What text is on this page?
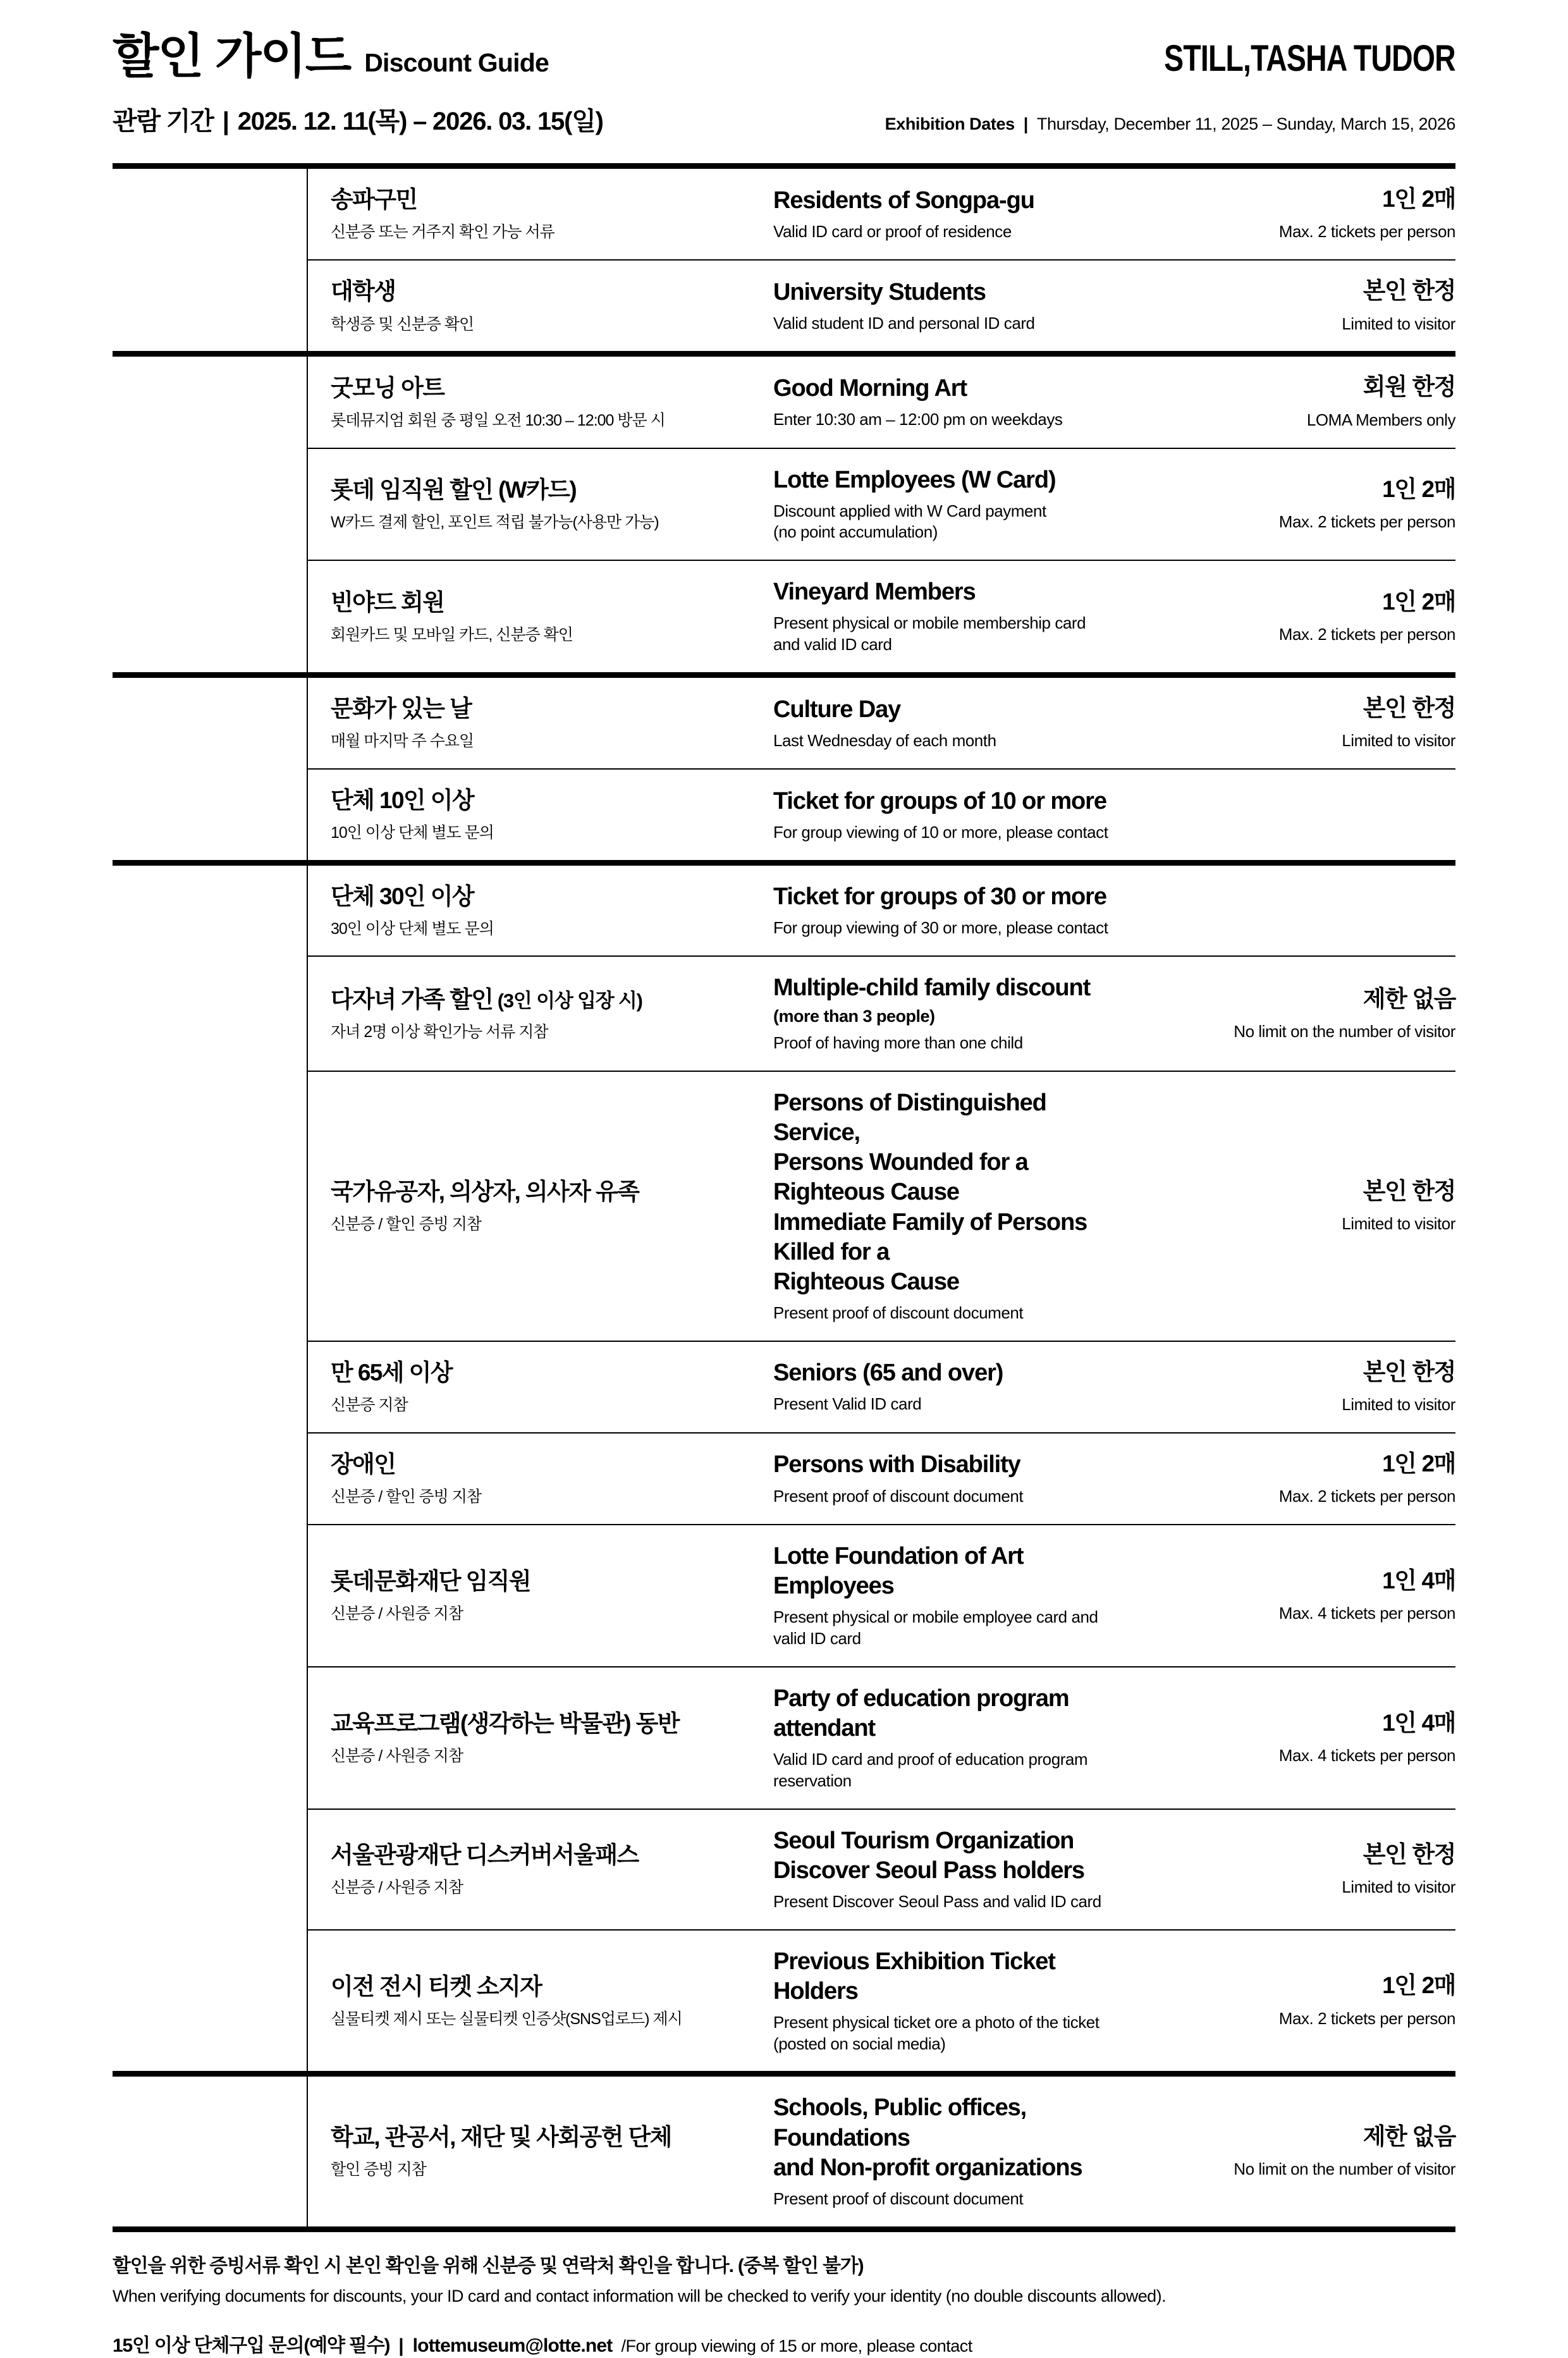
할인 가이드 Discount Guide	STILL,TASHA TUDOR
관람 기간 | 2025. 12. 11(목) – 2026. 03. 15(일)	Exhibition Dates | Thursday, December 11, 2025 – Sunday, March 15, 2026
송파구민
신분증 또는 거주지 확인 가능 서류
Residents of Songpa-gu
Valid ID card or proof of residence
1인 2매
Max. 2 tickets per person
대학생
학생증 및 신분증 확인
University Students
Valid student ID and personal ID card
본인 한정
Limited to visitor
굿모닝 아트
롯데뮤지엄 회원 중 평일 오전 10:30 – 12:00 방문 시
Good Morning Art
Enter 10:30 am – 12:00 pm on weekdays
회원 한정
LOMA Members only
롯데 임직원 할인 (W카드)
W카드 결제 할인, 포인트 적립 불가능(사용만 가능)
Lotte Employees (W Card)
Discount applied with W Card payment
(no point accumulation)
1인 2매
Max. 2 tickets per person
빈야드 회원
회원카드 및 모바일 카드, 신분증 확인
Vineyard Members
Present physical or mobile membership card
and valid ID card
1인 2매
Max. 2 tickets per person
문화가 있는 날
매월 마지막 주 수요일
Culture Day
Last Wednesday of each month
본인 한정
Limited to visitor
단체 10인 이상
10인 이상 단체 별도 문의
Ticket for groups of 10 or more
For group viewing of 10 or more, please contact
단체 30인 이상
30인 이상 단체 별도 문의
Ticket for groups of 30 or more
For group viewing of 30 or more, please contact
다자녀 가족 할인 (3인 이상 입장 시)
자녀 2명 이상 확인가능 서류 지참
Multiple-child family discount
(more than 3 people)
Proof of having more than one child
제한 없음
No limit on the number of visitor
국가유공자, 의상자, 의사자 유족
신분증 / 할인 증빙 지참
Persons of Distinguished Service,
Persons Wounded for a Righteous Cause
Immediate Family of Persons Killed for a
Righteous Cause
Present proof of discount document
본인 한정
Limited to visitor
만 65세 이상
신분증 지참
Seniors (65 and over)
Present Valid ID card
본인 한정
Limited to visitor
장애인
신분증 / 할인 증빙 지참
Persons with Disability
Present proof of discount document
1인 2매
Max. 2 tickets per person
롯데문화재단 임직원
신분증 / 사원증 지참
Lotte Foundation of Art Employees
Present physical or mobile employee card and valid ID card
1인 4매
Max. 4 tickets per person
교육프로그램(생각하는 박물관) 동반
신분증 / 사원증 지참
Party of education program attendant
Valid ID card and proof of education program reservation
1인 4매
Max. 4 tickets per person
서울관광재단 디스커버서울패스
신분증 / 사원증 지참
Seoul Tourism Organization
Discover Seoul Pass holders
Present Discover Seoul Pass and valid ID card
본인 한정
Limited to visitor
이전 전시 티켓 소지자
실물티켓 제시 또는 실물티켓 인증샷(SNS업로드) 제시
Previous Exhibition Ticket Holders
Present physical ticket ore a photo of the ticket
(posted on social media)
1인 2매
Max. 2 tickets per person
학교, 관공서, 재단 및 사회공헌 단체
할인 증빙 지참
Schools, Public offices, Foundations
and Non-profit organizations
Present proof of discount document
제한 없음
No limit on the number of visitor
할인을 위한 증빙서류 확인 시 본인 확인을 위해 신분증 및 연락처 확인을 합니다. (중복 할인 불가)
When verifying documents for discounts, your ID card and contact information will be checked to verify your identity (no double discounts allowed).
15인 이상 단체구입 문의(예약 필수) | lottemuseum@lotte.net /For group viewing of 15 or more, please contact
